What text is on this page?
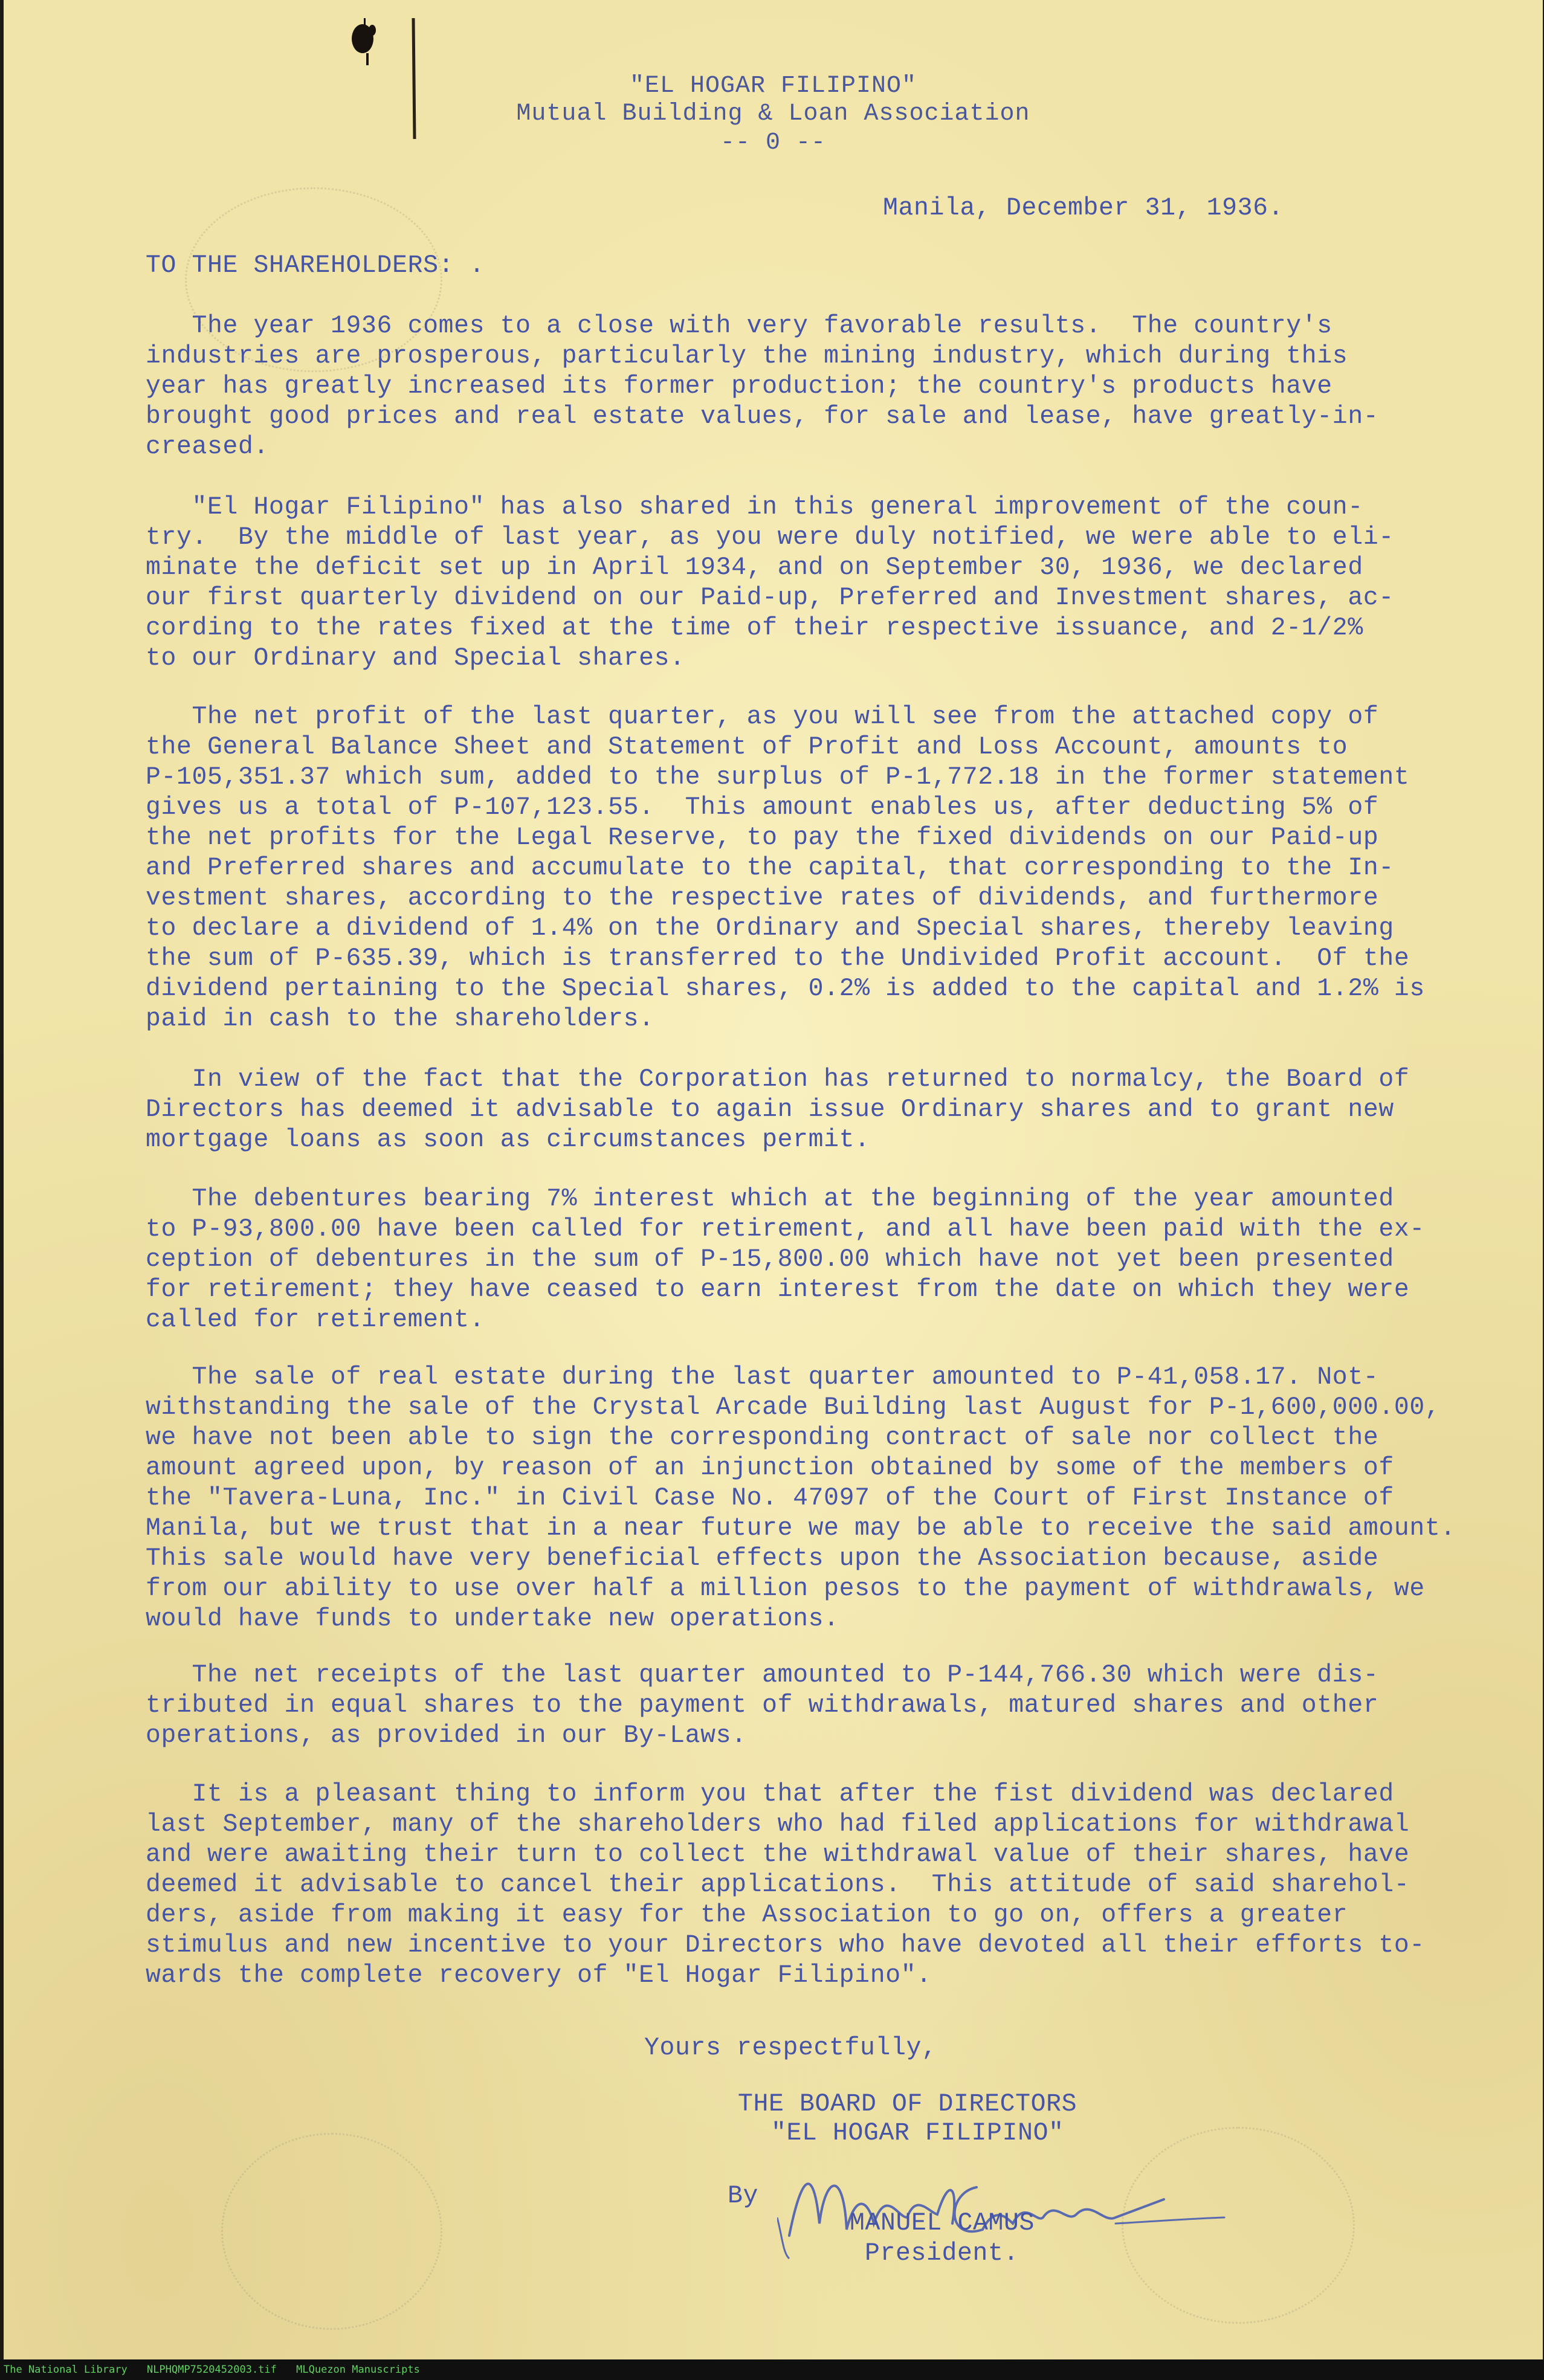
"EL HOGAR FILIPINO"
Mutual Building & Loan Association
-- 0 --
Manila, December 31, 1936.
TO THE SHAREHOLDERS: .
The year 1936 comes to a close with very favorable results.  The country's
industries are prosperous, particularly the mining industry, which during this
year has greatly increased its former production; the country's products have
brought good prices and real estate values, for sale and lease, have greatly-in-
creased.
"El Hogar Filipino" has also shared in this general improvement of the coun-
try.  By the middle of last year, as you were duly notified, we were able to eli-
minate the deficit set up in April 1934, and on September 30, 1936, we declared
our first quarterly dividend on our Paid-up, Preferred and Investment shares, ac-
cording to the rates fixed at the time of their respective issuance, and 2-1/2%
to our Ordinary and Special shares.
The net profit of the last quarter, as you will see from the attached copy of
the General Balance Sheet and Statement of Profit and Loss Account, amounts to
P-105,351.37 which sum, added to the surplus of P-1,772.18 in the former statement
gives us a total of P-107,123.55.  This amount enables us, after deducting 5% of
the net profits for the Legal Reserve, to pay the fixed dividends on our Paid-up
and Preferred shares and accumulate to the capital, that corresponding to the In-
vestment shares, according to the respective rates of dividends, and furthermore
to declare a dividend of 1.4% on the Ordinary and Special shares, thereby leaving
the sum of P-635.39, which is transferred to the Undivided Profit account.  Of the
dividend pertaining to the Special shares, 0.2% is added to the capital and 1.2% is
paid in cash to the shareholders.
In view of the fact that the Corporation has returned to normalcy, the Board of
Directors has deemed it advisable to again issue Ordinary shares and to grant new
mortgage loans as soon as circumstances permit.
The debentures bearing 7% interest which at the beginning of the year amounted
to P-93,800.00 have been called for retirement, and all have been paid with the ex-
ception of debentures in the sum of P-15,800.00 which have not yet been presented
for retirement; they have ceased to earn interest from the date on which they were
called for retirement.
The sale of real estate during the last quarter amounted to P-41,058.17. Not-
withstanding the sale of the Crystal Arcade Building last August for P-1,600,000.00,
we have not been able to sign the corresponding contract of sale nor collect the
amount agreed upon, by reason of an injunction obtained by some of the members of
the "Tavera-Luna, Inc." in Civil Case No. 47097 of the Court of First Instance of
Manila, but we trust that in a near future we may be able to receive the said amount.
This sale would have very beneficial effects upon the Association because, aside
from our ability to use over half a million pesos to the payment of withdrawals, we
would have funds to undertake new operations.
The net receipts of the last quarter amounted to P-144,766.30 which were dis-
tributed in equal shares to the payment of withdrawals, matured shares and other
operations, as provided in our By-Laws.
It is a pleasant thing to inform you that after the fist dividend was declared
last September, many of the shareholders who had filed applications for withdrawal
and were awaiting their turn to collect the withdrawal value of their shares, have
deemed it advisable to cancel their applications.  This attitude of said sharehol-
ders, aside from making it easy for the Association to go on, offers a greater
stimulus and new incentive to your Directors who have devoted all their efforts to-
wards the complete recovery of "El Hogar Filipino".
Yours respectfully,
THE BOARD OF DIRECTORS
"EL HOGAR FILIPINO"
By
MANUEL CAMUS
President.
The National Library NLPHQMP7520452003.tif MLQuezon Manuscripts
